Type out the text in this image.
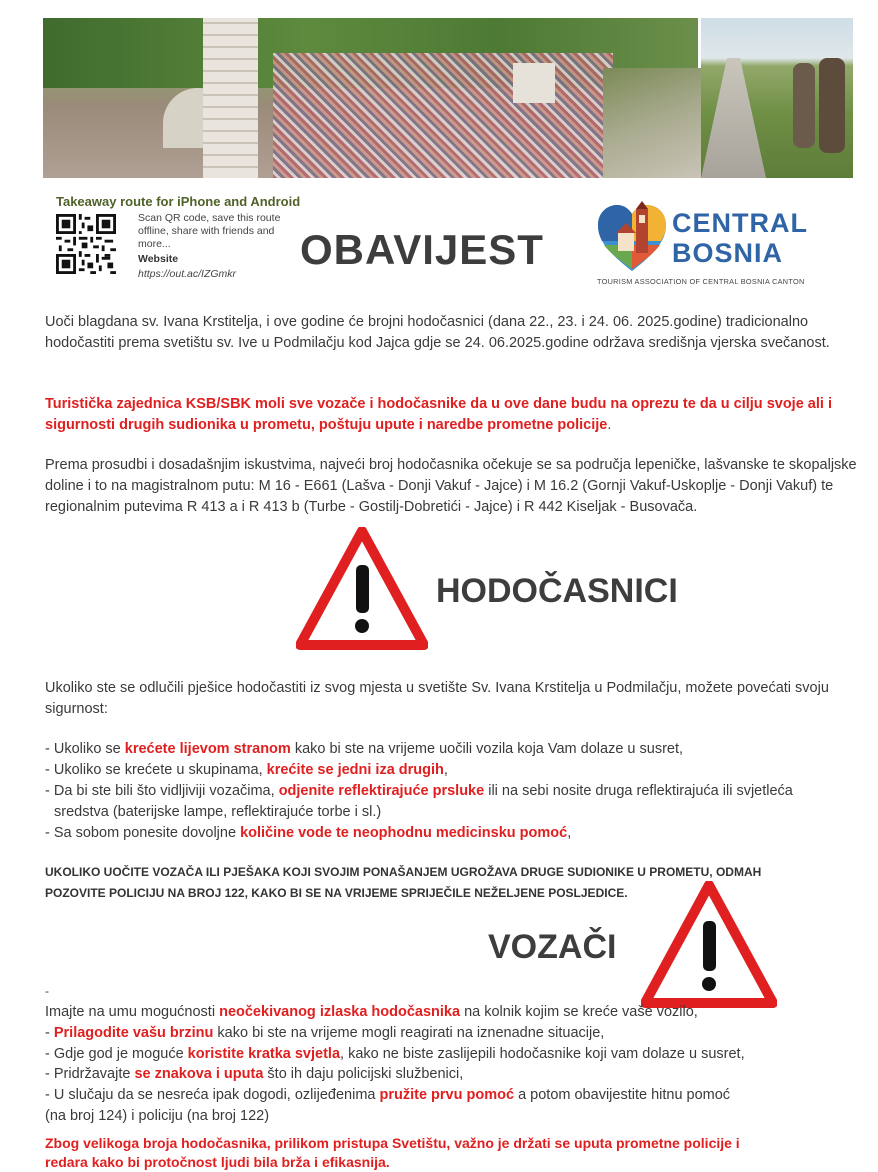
Takeaway route for iPhone and Android
Scan QR code, save this route offline, share with friends and more...
Website
https://out.ac/IZGmkr
OBAVIJEST
CENTRAL
BOSNIA
TOURISM ASSOCIATION OF CENTRAL BOSNIA CANTON
Uoči blagdana sv. Ivana Krstitelja, i ove godine će brojni hodočasnici (dana 22., 23. i 24. 06. 2025.godine) tradicionalno hodočastiti prema svetištu sv. Ive u Podmilačju kod Jajca gdje se 24. 06.2025.godine održava središnja vjerska svečanost.
Turistička zajednica KSB/SBK moli sve vozače i hodočasnike da u ove dane budu na oprezu te da u cilju svoje ali i sigurnosti drugih sudionika u prometu, poštuju upute i naredbe prometne policije.
Prema prosudbi i dosadašnjim iskustvima, najveći broj hodočasnika očekuje se sa područja lepeničke, lašvanske te skopaljske doline i to na magistralnom putu: M 16 - E661 (Lašva - Donji Vakuf - Jajce) i M 16.2 (Gornji Vakuf-Uskoplje - Donji Vakuf) te regionalnim putevima R 413 a i R 413 b (Turbe - Gostilj-Dobretići - Jajce) i R 442 Kiseljak - Busovača.
HODOČASNICI
Ukoliko ste se odlučili pješice hodočastiti iz svog mjesta u svetište Sv. Ivana Krstitelja u Podmilačju, možete povećati svoju sigurnost:
- Ukoliko se krećete lijevom stranom kako bi ste na vrijeme uočili vozila koja Vam dolaze u susret,
- Ukoliko se krećete u skupinama, krećite se jedni iza drugih,
- Da bi ste bili što vidljiviji vozačima, odjenite reflektirajuće prsluke ili na sebi nosite druga reflektirajuća ili svjetleća
sredstva (baterijske lampe, reflektirajuće torbe i sl.)
- Sa sobom ponesite dovoljne količine vode te neophodnu medicinsku pomoć,
UKOLIKO UOČITE VOZAČA ILI PJEŠAKA KOJI SVOJIM PONAŠANJEM UGROŽAVA DRUGE SUDIONIKE U PROMETU, ODMAH
POZOVITE POLICIJU NA BROJ 122, KAKO BI SE NA VRIJEME SPRIJEČILE NEŽELJENE POSLJEDICE.
VOZAČI
-
Imajte na umu mogućnosti neočekivanog izlaska hodočasnika na kolnik kojim se kreće vaše vozilo,
- Prilagodite vašu brzinu kako bi ste na vrijeme mogli reagirati na iznenadne situacije,
- Gdje god je moguće koristite kratka svjetla, kako ne biste zaslijepili hodočasnike koji vam dolaze u susret,
- Pridržavajte se znakova i uputa što ih daju policijski službenici,
- U slučaju da se nesreća ipak dogodi, ozlijeđenima pružite prvu pomoć a potom obavijestite hitnu pomoć
(na broj 124) i policiju (na broj 122)
Zbog velikoga broja hodočasnika, prilikom pristupa Svetištu, važno je držati se uputa prometne policije i
redara kako bi protočnost ljudi bila brža i efikasnija.
